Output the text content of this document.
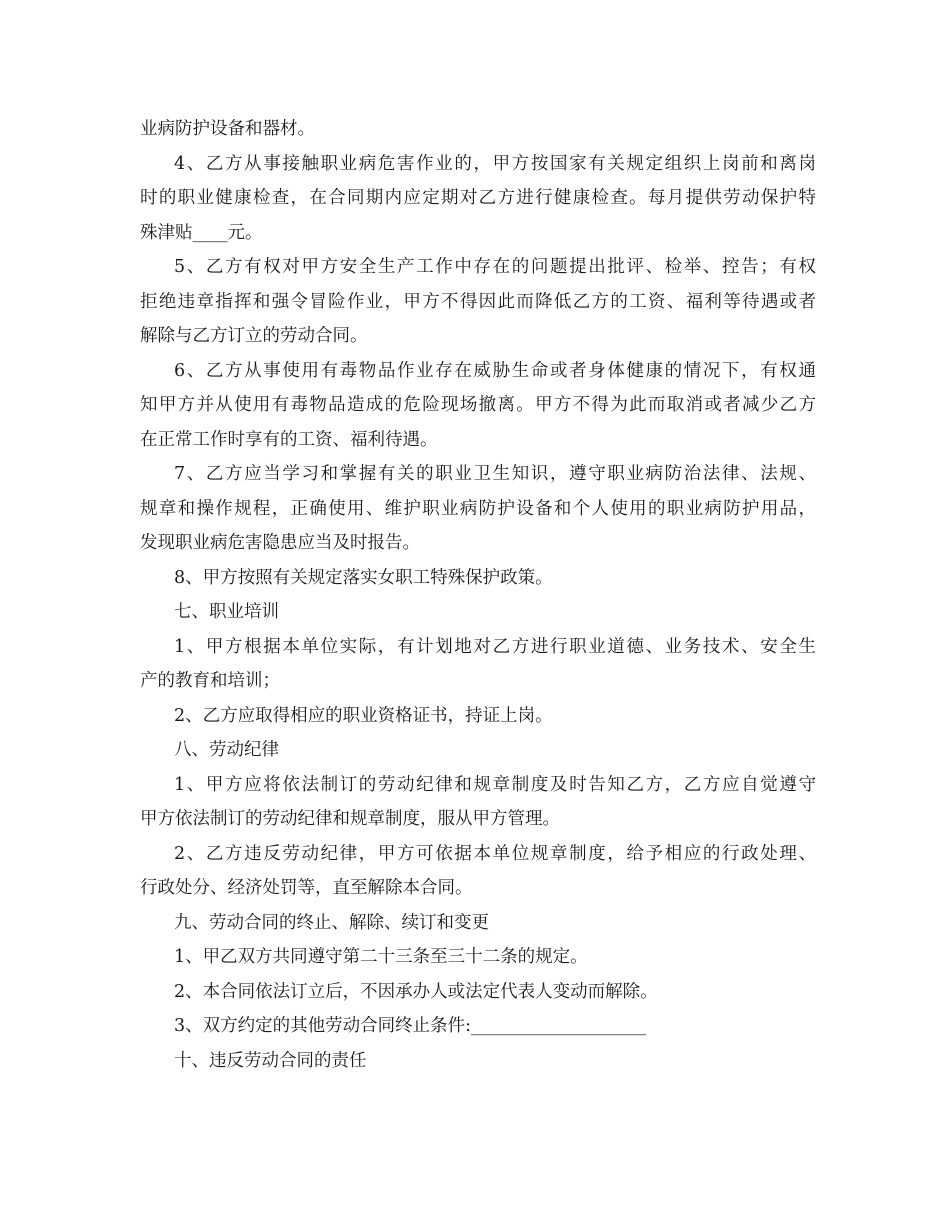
业病防护设备和器材。
4、乙方从事接触职业病危害作业的，甲方按国家有关规定组织上岗前和离岗
时的职业健康检查，在合同期内应定期对乙方进行健康检查。每月提供劳动保护特
殊津贴____元。
5、乙方有权对甲方安全生产工作中存在的问题提出批评、检举、控告；有权
拒绝违章指挥和强令冒险作业，甲方不得因此而降低乙方的工资、福利等待遇或者
解除与乙方订立的劳动合同。
6、乙方从事使用有毒物品作业存在威胁生命或者身体健康的情况下，有权通
知甲方并从使用有毒物品造成的危险现场撤离。甲方不得为此而取消或者减少乙方
在正常工作时享有的工资、福利待遇。
7、乙方应当学习和掌握有关的职业卫生知识，遵守职业病防治法律、法规、
规章和操作规程，正确使用、维护职业病防护设备和个人使用的职业病防护用品，
发现职业病危害隐患应当及时报告。
8、甲方按照有关规定落实女职工特殊保护政策。
七、职业培训
1、甲方根据本单位实际，有计划地对乙方进行职业道德、业务技术、安全生
产的教育和培训；
2、乙方应取得相应的职业资格证书，持证上岗。
八、劳动纪律
1、甲方应将依法制订的劳动纪律和规章制度及时告知乙方，乙方应自觉遵守
甲方依法制订的劳动纪律和规章制度，服从甲方管理。
2、乙方违反劳动纪律，甲方可依据本单位规章制度，给予相应的行政处理、
行政处分、经济处罚等，直至解除本合同。
九、劳动合同的终止、解除、续订和变更
1、甲乙双方共同遵守第二十三条至三十二条的规定。
2、本合同依法订立后，不因承办人或法定代表人变动而解除。
3、双方约定的其他劳动合同终止条件:____________________
十、违反劳动合同的责任
